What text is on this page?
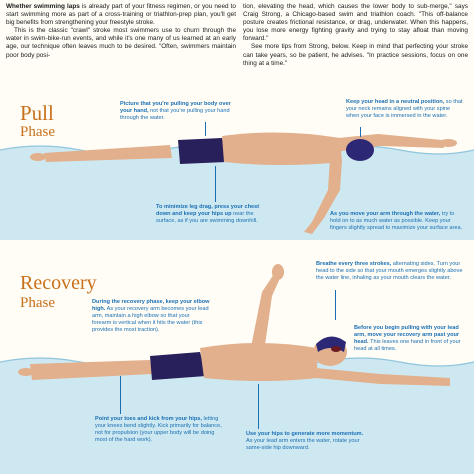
Whether swimming laps is already part of your fitness regimen, or you need to start swimming more as part of a cross-training or triathlon-prep plan, you'll get big benefits from strengthening your freestyle stroke.

This is the classic "crawl" stroke most swimmers use to churn through the water in swim-bike-run events, and while it's one many of us learned at an early age, our technique often leaves much to be desired. "Often, swimmers maintain poor body posi-

tion, elevating the head, which causes the lower body to sub-merge," says Craig Strong, a Chicago-based swim and triathlon coach. "This off-balance posture creates frictional resistance, or drag, underwater. When this happens, you lose more energy fighting gravity and trying to stay afloat than moving forward."

See more tips from Strong, below. Keep in mind that perfecting your stroke can take years, so be patient, he advises. "In practice sessions, focus on one thing at a time."

Pull
Phase
Picture that you're pulling your body over your hand, not that you're pulling your hand through the water.
Keep your head in a neutral position, so that your neck remains aligned with your spine when your face is immersed in the water.
To minimize leg drag, press your chest down and keep your hips up near the surface, as if you are swimming downhill.
As you move your arm through the water, try to hold on to as much water as possible. Keep your fingers slightly spread to maximize your surface area.
Recovery
Phase
Breathe every three strokes, alternating sides. Turn your head to the side so that your mouth emerges slightly above the water line, inhaling as your mouth clears the water.
During the recovery phase, keep your elbow high. As your recovery arm becomes your lead arm, maintain a high elbow so that your forearm is vertical when it hits the water (this provides the most traction).	Before you begin pulling with your lead arm, move your recovery arm past your head. This leaves one hand in front of your head at all times.
Point your toes and kick from your hips, letting your knees bend slightly. Kick primarily for balance, not for propulsion (your upper body will be doing most of the hard work).
Use your hips to generate more momentum. As your lead arm enters the water, rotate your same-side hip downward.
